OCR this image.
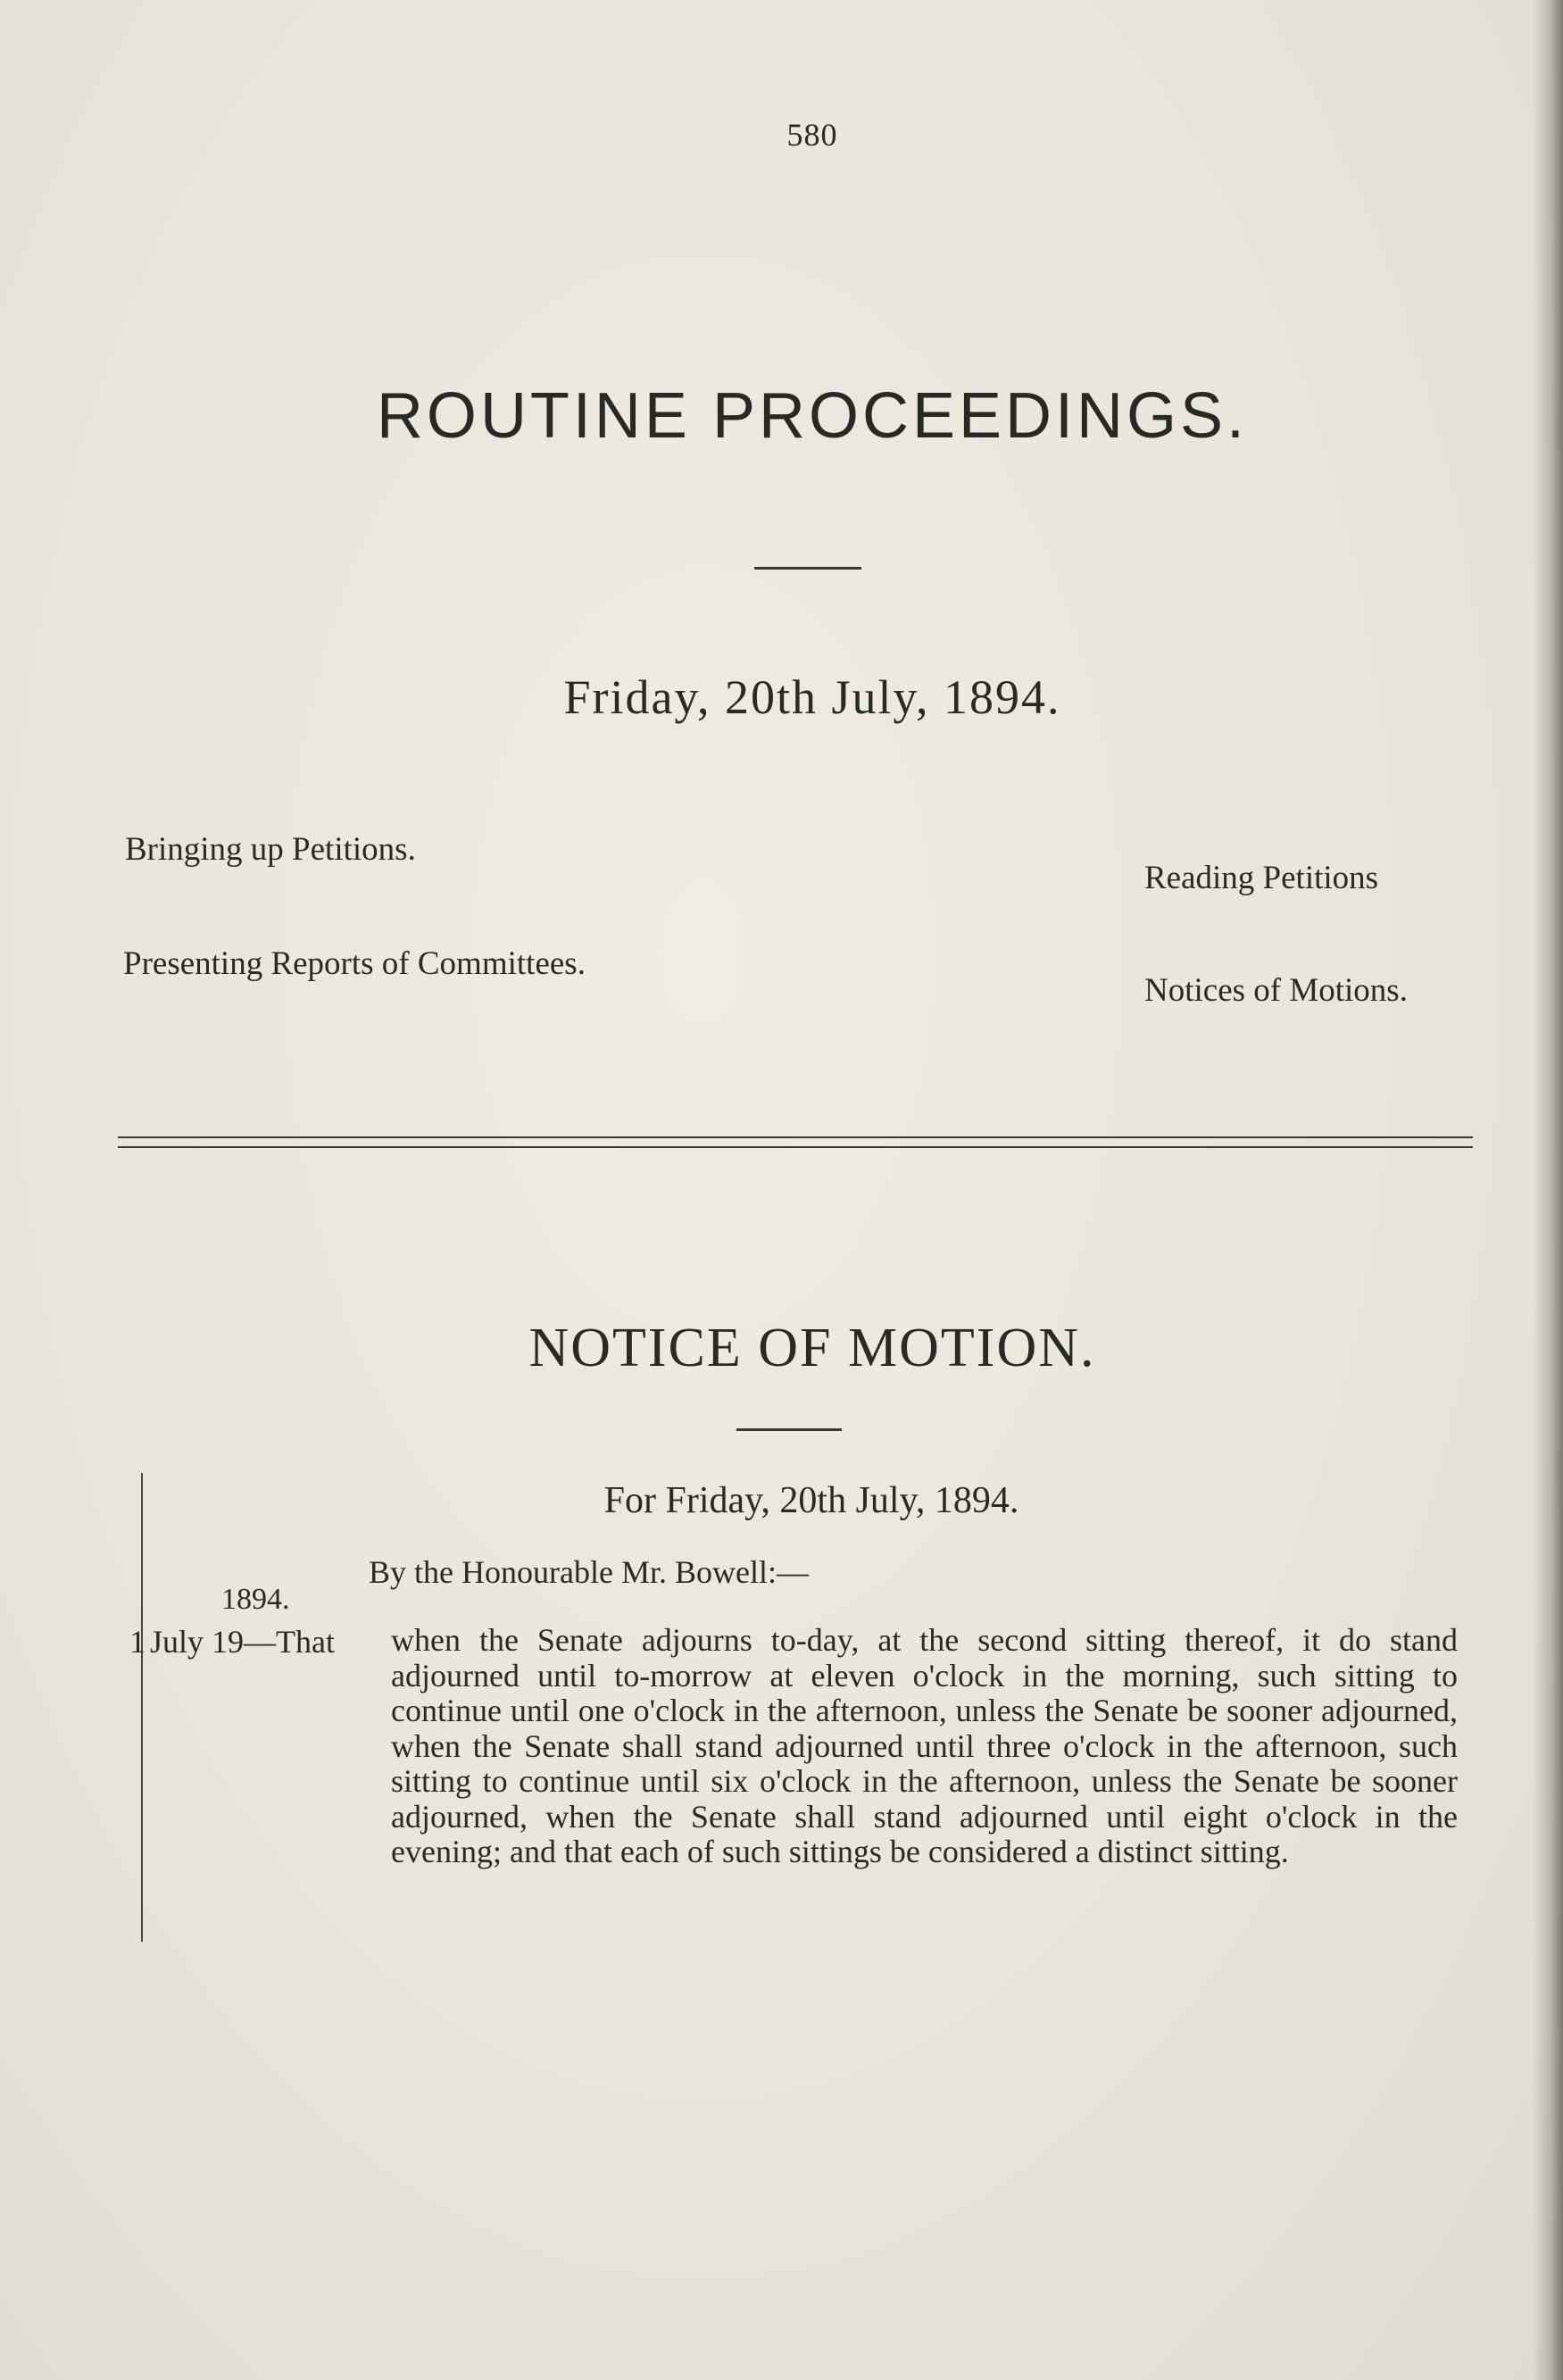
580
ROUTINE PROCEEDINGS.
Friday, 20th July, 1894.
Bringing up Petitions.
Reading Petitions
Presenting Reports of Committees.
Notices of Motions.
NOTICE OF MOTION.
For Friday, 20th July, 1894.
By the Honourable Mr. Bowell:—
1894.
1 July 19—That when the Senate adjourns to-day, at the second sitting thereof, it do stand adjourned until to-morrow at eleven o'clock in the morning, such sitting to continue until one o'clock in the afternoon, unless the Senate be sooner adjourned, when the Senate shall stand adjourned until three o'clock in the afternoon, such sitting to continue until six o'clock in the afternoon, unless the Senate be sooner adjourned, when the Senate shall stand adjourned until eight o'clock in the evening; and that each of such sittings be considered a distinct sitting.
